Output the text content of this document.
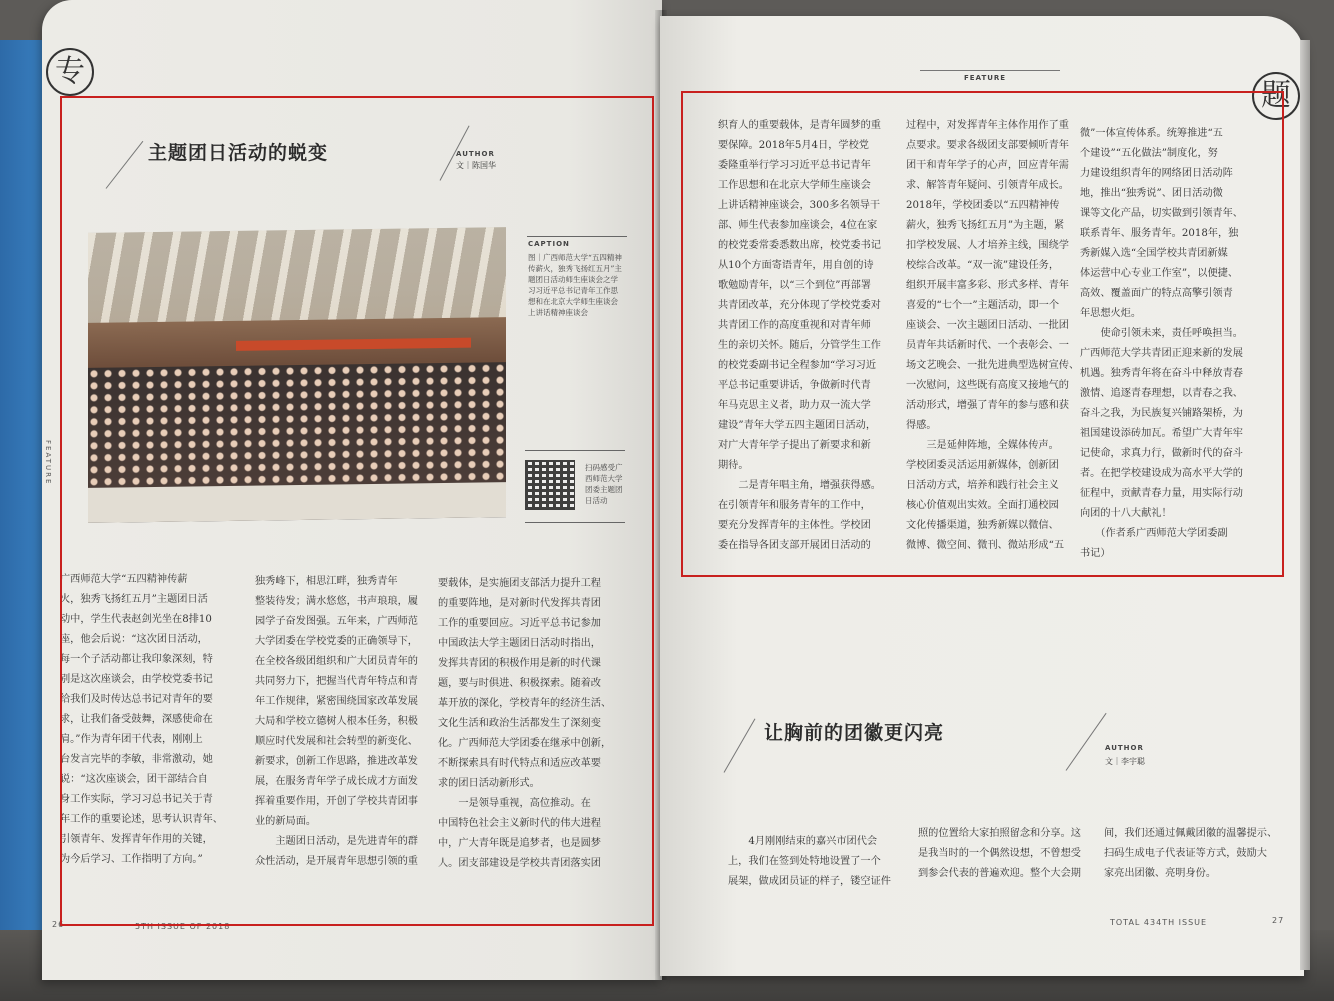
专
FEATURE
主题团日活动的蜕变	AUTHOR
文｜陈国华
CAPTION
图｜广西师范大学“五四精神传薪火，独秀飞扬红五月”主题团日活动师生座谈会之学习习近平总书记青年工作思想和在北京大学师生座谈会上讲话精神座谈会
扫码感受广西师范大学团委主题团日活动
广西师范大学“五四精神传薪
火，独秀飞扬红五月”主题团日活
动中，学生代表赵剑光坐在8排10
座，他会后说：“这次团日活动，
每一个子活动都让我印象深刻，特
别是这次座谈会，由学校党委书记
给我们及时传达总书记对青年的要
求，让我们备受鼓舞，深感使命在
肩。”作为青年团干代表，刚刚上
台发言完毕的李敏，非常激动，她
说：“这次座谈会，团干部结合自
身工作实际，学习习总书记关于青
年工作的重要论述，思考认识青年、
引领青年、发挥青年作用的关键，
为今后学习、工作指明了方向。”
独秀峰下，相思江畔，独秀青年
整装待发；满水悠悠，书声琅琅，履
园学子奋发图强。五年来，广西师范
大学团委在学校党委的正确领导下，
在全校各级团组织和广大团员青年的
共同努力下，把握当代青年特点和青
年工作规律，紧密围绕国家改革发展
大局和学校立德树人根本任务，积极
顺应时代发展和社会转型的新变化、
新要求，创新工作思路，推进改革发
展，在服务青年学子成长成才方面发
挥着重要作用，开创了学校共青团事
业的新局面。
　　主题团日活动，是先进青年的群
众性活动，是开展青年思想引领的重
要载体，是实施团支部活力提升工程
的重要阵地，是对新时代发挥共青团
工作的重要回应。习近平总书记参加
中国政法大学主题团日活动时指出，
发挥共青团的积极作用是新的时代课
题，要与时俱进、积极探索。随着改
革开放的深化，学校青年的经济生活、
文化生活和政治生活都发生了深刻变
化。广西师范大学团委在继承中创新，
不断探索具有时代特点和适应改革要
求的团日活动新形式。
　　一是领导重视，高位推动。在
中国特色社会主义新时代的伟大进程
中，广大青年既是追梦者，也是圆梦
人。团支部建设是学校共青团落实团
26	5TH ISSUE OF 2018
FEATURE	题
织育人的重要载体，是青年圆梦的重
要保障。2018年5月4日，学校党
委隆重举行学习习近平总书记青年
工作思想和在北京大学师生座谈会
上讲话精神座谈会，300多名领导干
部、师生代表参加座谈会，4位在家
的校党委常委悉数出席，校党委书记
从10个方面寄语青年，用自创的诗
歌勉励青年，以“三个到位”再部署
共青团改革，充分体现了学校党委对
共青团工作的高度重视和对青年师
生的亲切关怀。随后，分管学生工作
的校党委副书记全程参加“学习习近
平总书记重要讲话，争做新时代青
年马克思主义者，助力双一流大学
建设”青年大学五四主题团日活动，
对广大青年学子提出了新要求和新
期待。
　　二是青年唱主角，增强获得感。
在引领青年和服务青年的工作中，
要充分发挥青年的主体性。学校团
委在指导各团支部开展团日活动的
过程中，对发挥青年主体作用作了重
点要求。要求各级团支部要倾听青年
团干和青年学子的心声，回应青年需
求、解答青年疑问、引领青年成长。
2018年，学校团委以“五四精神传
薪火，独秀飞扬红五月”为主题，紧
扣学校发展、人才培养主线，围绕学
校综合改革。“双一流”建设任务，
组织开展丰富多彩、形式多样、青年
喜爱的“七个一”主题活动，即一个
座谈会、一次主题团日活动、一批团
员青年共话新时代、一个表彰会、一
场文艺晚会、一批先进典型选树宣传、
一次慰问，这些既有高度又接地气的
活动形式，增强了青年的参与感和获
得感。
　　三是延伸阵地，全媒体传声。
学校团委灵活运用新媒体，创新团
日活动方式，培养和践行社会主义
核心价值观出实效。全面打通校园
文化传播渠道，独秀新媒以微信、
微博、微空间、微刊、微站形成“五
微”一体宣传体系。统筹推进“五
个建设”“五化做法”制度化，努
力建设组织青年的网络团日活动阵
地，推出“独秀说”、团日活动微
课等文化产品，切实做到引领青年、
联系青年、服务青年。2018年，独
秀新媒入选“全国学校共青团新媒
体运营中心专业工作室”，以便捷、
高效、覆盖面广的特点高擎引领青
年思想火炬。
　　使命引领未来，责任呼唤担当。
广西师范大学共青团正迎来新的发展
机遇。独秀青年将在奋斗中释放青春
激情、追逐青春理想，以青春之我、
奋斗之我，为民族复兴铺路架桥，为
祖国建设添砖加瓦。希望广大青年牢
记使命，求真力行，做新时代的奋斗
者。在把学校建设成为高水平大学的
征程中，贡献青春力量，用实际行动
向团的十八大献礼！
　　（作者系广西师范大学团委副
书记）
让胸前的团徽更闪亮
AUTHOR
文｜李宇聪
　　4月刚刚结束的嘉兴市团代会
上，我们在签到处特地设置了一个
展架，做成团员证的样子，镂空证件
照的位置给大家拍照留念和分享。这
是我当时的一个偶然设想，不曾想受
到参会代表的普遍欢迎。整个大会期
间，我们还通过佩戴团徽的温馨提示、
扫码生成电子代表证等方式，鼓励大
家亮出团徽、亮明身份。
TOTAL 434TH ISSUE	27
